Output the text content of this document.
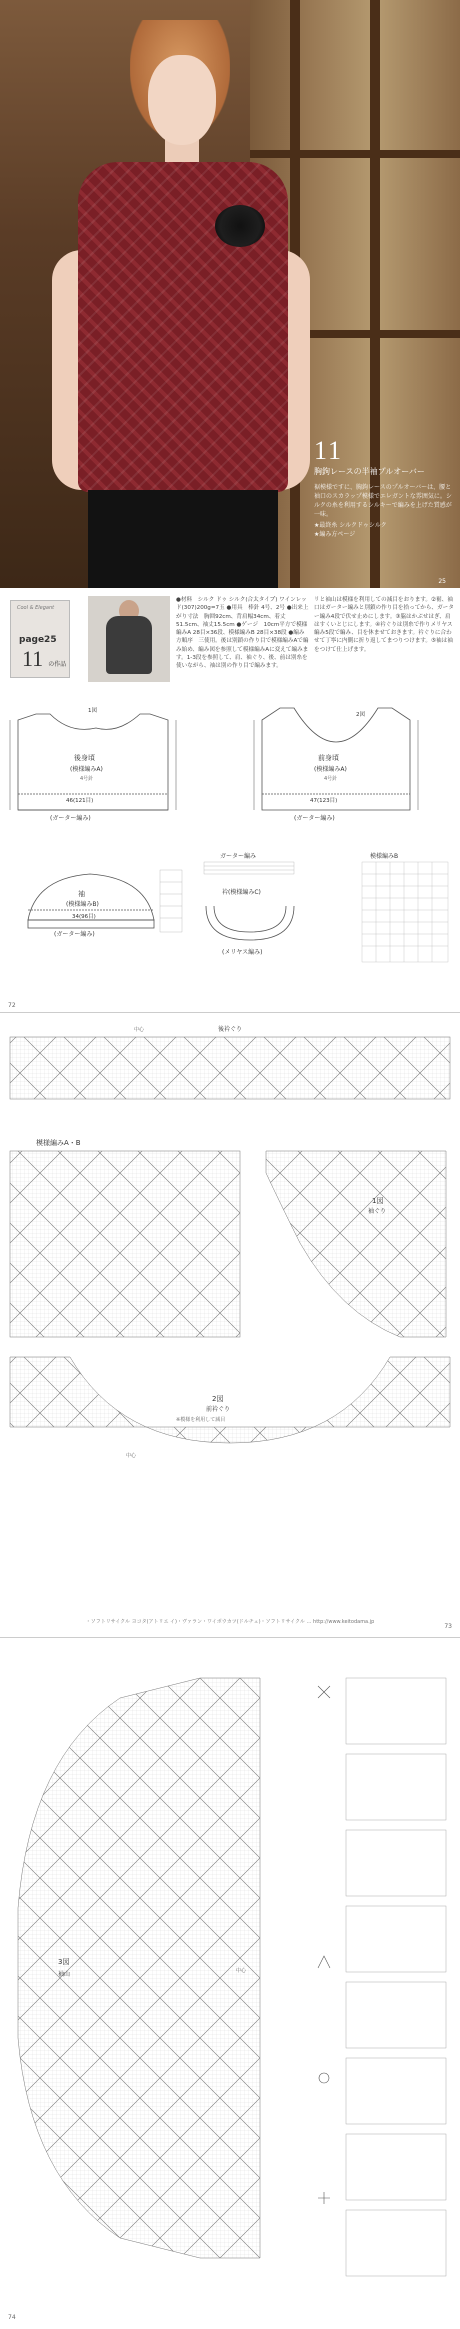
11
胸鉤レースの半袖プルオーバー
裾模様ですに、胸鉤レースのプルオーバーは、腰と袖口のスカラップ模様でエレガントな雰囲気に。シルクの糸を利用するシルキーで編みを上げた質感が一味。
★最終糸 シルクドゥシルク
★編み方ページ
25
Cool & Elegant
page25
11 の作品
●材料　シルク ドゥ シルク(合太タイプ) ワインレッド(307)200g=7玉 ●用具　棒針 4号、2号 ●出来上がり寸法　胸囲92cm、背肩幅34cm、着丈51.5cm、袖丈15.5cm ●ゲージ　10cm平方で模様編みA 28目×36段、模様編みB 28目×38段 ●編み方順序　三使用。後は別鎖の作り目で模様編みAで編み始め、編み図を参照して模様編みAに変えて編みます。1-3段を参照して、肩、袖ぐり、後、前は別糸を使いながら、袖は別の作り目で編みます。
リと袖山は模様を利用しての減目をおります。②裾、袖口はガーター編みと別鎖の作り目を拾ってから、ガーター編み4段で伏せ止めにします。③脇はかぶせはぎ、肩はすくいとじにします。④衿ぐりは別糸で作りメリヤス編み5段で編み、目を休ませておきます。衿ぐりに合わせて丁寧に内側に折り返してまつりつけます。⑤袖は袖をつけて仕上げます。
後身頃
(模様編みA)
4号針
46(121目)
(ガーター編み)
1図
前身頃
(模様編みA)
4号針
47(123目)
(ガーター編み)
2図
袖
(模様編みB)
34(96目)
(ガーター編み)
ガーター編み
衿(模様編みC)
(メリヤス編み)
模様編みB
72
後衿ぐり
中心
模様編みA・B
1図
袖ぐり
2図
前衿ぐり
※模様を利用して減目
中心
・ソフトリサイクル ヨコタ(アトリエ イ)・ヴァラン・ワイボウカツ(ドルチェ)・ソフトリサイクル … http://www.keitodama.jp
73
3図
袖山	中心
74
